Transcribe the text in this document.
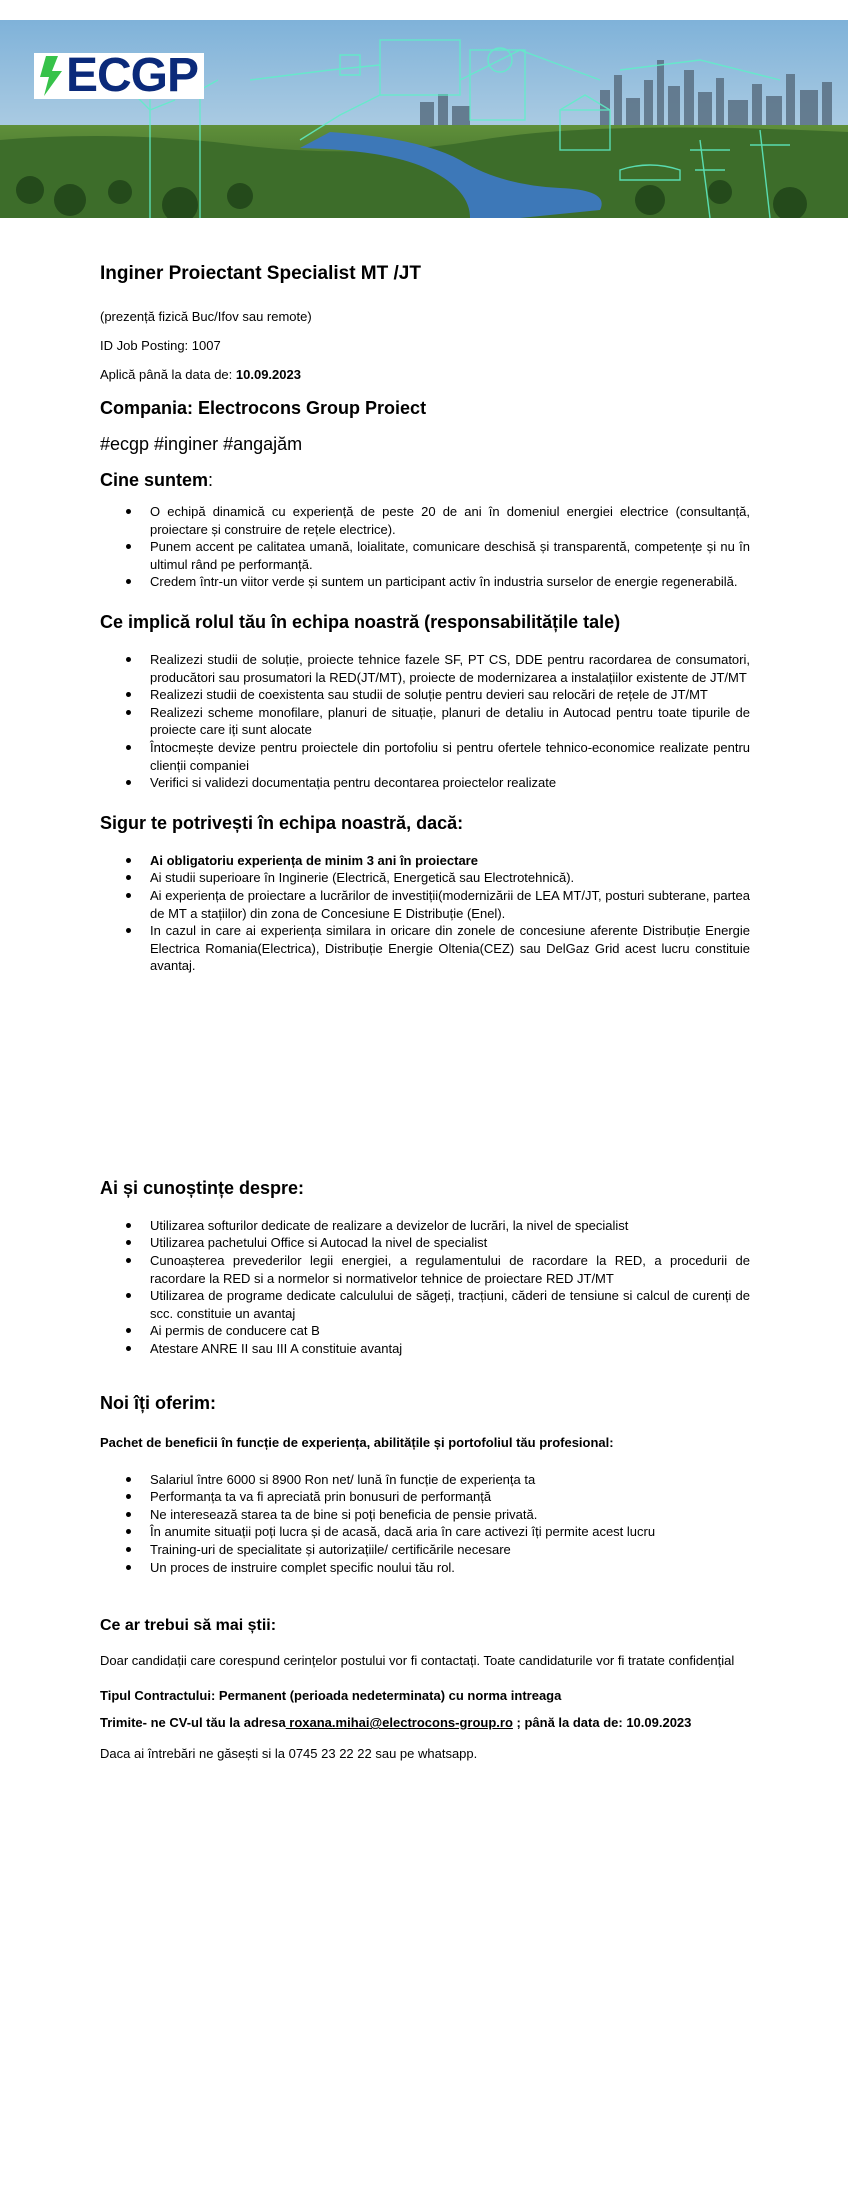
ECGP
Inginer Proiectant Specialist MT /JT

(prezență fizică Buc/Ifov sau remote)

ID Job Posting: 1007

Aplică până la data de: 10.09.2023

Compania: Electrocons Group Proiect

#ecgp #inginer #angajăm

Cine suntem:

O echipă dinamică cu experiență de peste 20 de ani în domeniul energiei electrice (consultanță, proiectare și construire de rețele electrice).
Punem accent pe calitatea umană, loialitate, comunicare deschisă și transparentă, competențe și nu în ultimul rând pe performanță.
Credem într-un viitor verde și suntem un participant activ în industria surselor de energie regenerabilă.

Ce implică rolul tău în echipa noastră (responsabilitățile tale)

Realizezi studii de soluție, proiecte tehnice fazele SF, PT CS, DDE pentru racordarea de consumatori, producători sau prosumatori la RED(JT/MT), proiecte de modernizarea a instalațiilor existente de JT/MT
Realizezi studii de coexistenta sau studii de soluție pentru devieri sau relocări de rețele de JT/MT
Realizezi scheme monofilare, planuri de situație, planuri de detaliu in Autocad pentru toate tipurile de proiecte care iți sunt alocate
Întocmește devize pentru proiectele din portofoliu si pentru ofertele tehnico-economice realizate pentru clienții companiei
Verifici si validezi documentația pentru decontarea proiectelor realizate

Sigur te potrivești în echipa noastră, dacă:

Ai obligatoriu experiența de minim 3 ani în proiectare
Ai studii superioare în Inginerie (Electrică, Energetică sau Electrotehnică).
Ai experiența de proiectare a lucrărilor de investiții(modernizării de LEA MT/JT, posturi subterane, partea de MT a stațiilor) din zona de Concesiune E Distribuție (Enel).
In cazul in care ai experiența similara in oricare din zonele de concesiune aferente Distribuție Energie Electrica Romania(Electrica), Distribuție Energie Oltenia(CEZ) sau DelGaz Grid acest lucru constituie avantaj.

Ai și cunoștințe despre:

Utilizarea softurilor dedicate de realizare a devizelor de lucrări, la nivel de specialist
Utilizarea pachetului Office si Autocad la nivel de specialist
Cunoașterea prevederilor legii energiei, a regulamentului de racordare la RED, a procedurii de racordare la RED si a normelor si normativelor tehnice de proiectare RED JT/MT
Utilizarea de programe dedicate calculului de săgeți, tracțiuni, căderi de tensiune si calcul de curenți de scc. constituie un avantaj
Ai permis de conducere cat B
Atestare ANRE II sau III A constituie avantaj

Noi îți oferim:

Pachet de beneficii în funcție de experiența, abilitățile și portofoliul tău profesional:

Salariul între 6000 si 8900 Ron net/ lună în funcție de experiența ta
Performanța ta va fi apreciată prin bonusuri de performanță
Ne interesează starea ta de bine si poți beneficia de pensie privată.
În anumite situații poți lucra și de acasă, dacă aria în care activezi îți permite acest lucru
Training-uri de specialitate și autorizațiile/ certificările necesare
Un proces de instruire complet specific noului tău rol.

Ce ar trebui să mai știi:

Doar candidații care corespund cerințelor postului vor fi contactați. Toate candidaturile vor fi tratate confidențial

Tipul Contractului: Permanent (perioada nedeterminata) cu norma intreaga

Trimite- ne CV-ul tău la adresa roxana.mihai@electrocons-group.ro ; până la data de: 10.09.2023

Daca ai întrebări ne găsești si la 0745 23 22 22 sau pe whatsapp.
